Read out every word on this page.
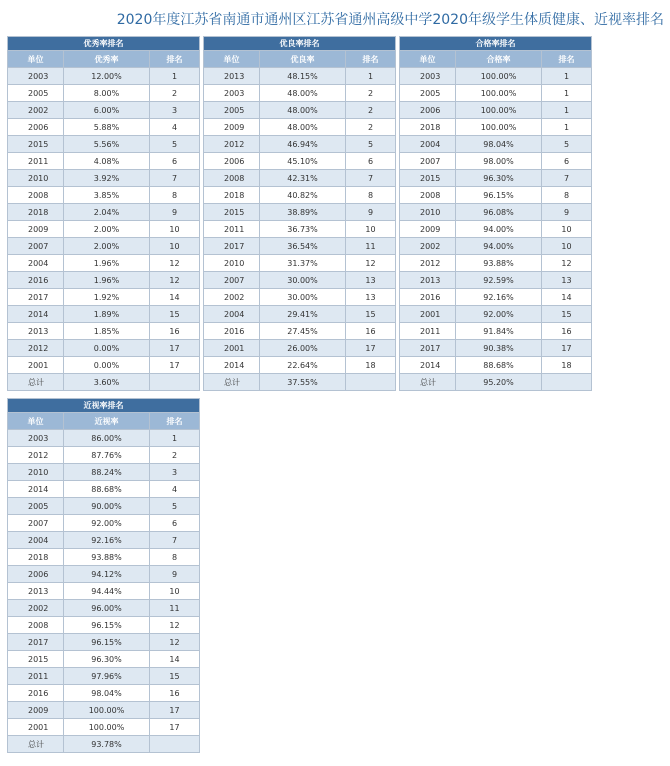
2020年度江苏省南通市通州区江苏省通州高级中学2020年级学生体质健康、近视率排名
优秀率排名		
单位	优秀率	排名
2003	12.00%	1
2005	8.00%	2
2002	6.00%	3
2006	5.88%	4
2015	5.56%	5
2011	4.08%	6
2010	3.92%	7
2008	3.85%	8
2018	2.04%	9
2009	2.00%	10
2007	2.00%	10
2004	1.96%	12
2016	1.96%	12
2017	1.92%	14
2014	1.89%	15
2013	1.85%	16
2012	0.00%	17
2001	0.00%	17
总计	3.60%	
优良率排名		
单位	优良率	排名
2013	48.15%	1
2003	48.00%	2
2005	48.00%	2
2009	48.00%	2
2012	46.94%	5
2006	45.10%	6
2008	42.31%	7
2018	40.82%	8
2015	38.89%	9
2011	36.73%	10
2017	36.54%	11
2010	31.37%	12
2007	30.00%	13
2002	30.00%	13
2004	29.41%	15
2016	27.45%	16
2001	26.00%	17
2014	22.64%	18
总计	37.55%	
合格率排名		
单位	合格率	排名
2003	100.00%	1
2005	100.00%	1
2006	100.00%	1
2018	100.00%	1
2004	98.04%	5
2007	98.00%	6
2015	96.30%	7
2008	96.15%	8
2010	96.08%	9
2009	94.00%	10
2002	94.00%	10
2012	93.88%	12
2013	92.59%	13
2016	92.16%	14
2001	92.00%	15
2011	91.84%	16
2017	90.38%	17
2014	88.68%	18
总计	95.20%	
近视率排名		
单位	近视率	排名
2003	86.00%	1
2012	87.76%	2
2010	88.24%	3
2014	88.68%	4
2005	90.00%	5
2007	92.00%	6
2004	92.16%	7
2018	93.88%	8
2006	94.12%	9
2013	94.44%	10
2002	96.00%	11
2008	96.15%	12
2017	96.15%	12
2015	96.30%	14
2011	97.96%	15
2016	98.04%	16
2009	100.00%	17
2001	100.00%	17
总计	93.78%	
